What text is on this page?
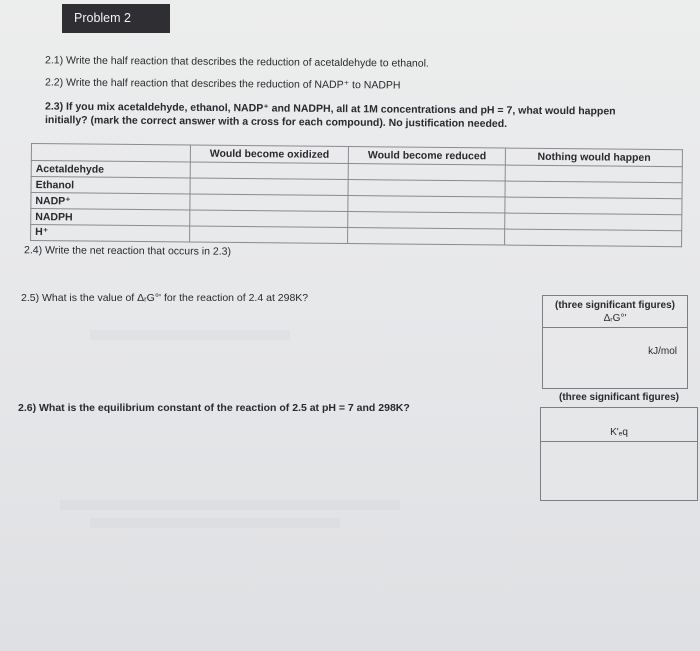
Problem 2
2.1) Write the half reaction that describes the reduction of acetaldehyde to ethanol.
2.2) Write the half reaction that describes the reduction of NADP⁺ to NADPH
2.3) If you mix acetaldehyde, ethanol, NADP⁺ and NADPH, all at 1M concentrations and pH = 7, what would happen
initially? (mark the correct answer with a cross for each compound). No justification needed.
	Would become oxidized	Would become reduced	Nothing would happen
Acetaldehyde			
Ethanol			
NADP⁺			
NADPH			
H⁺			
2.4) Write the net reaction that occurs in 2.3)
2.5) What is the value of ΔᵣG°' for the reaction of 2.4 at 298K?
(three significant figures)
ΔᵣG°'
kJ/mol
2.6) What is the equilibrium constant of the reaction of 2.5 at pH = 7 and 298K?
(three significant figures)
K'ₑq
